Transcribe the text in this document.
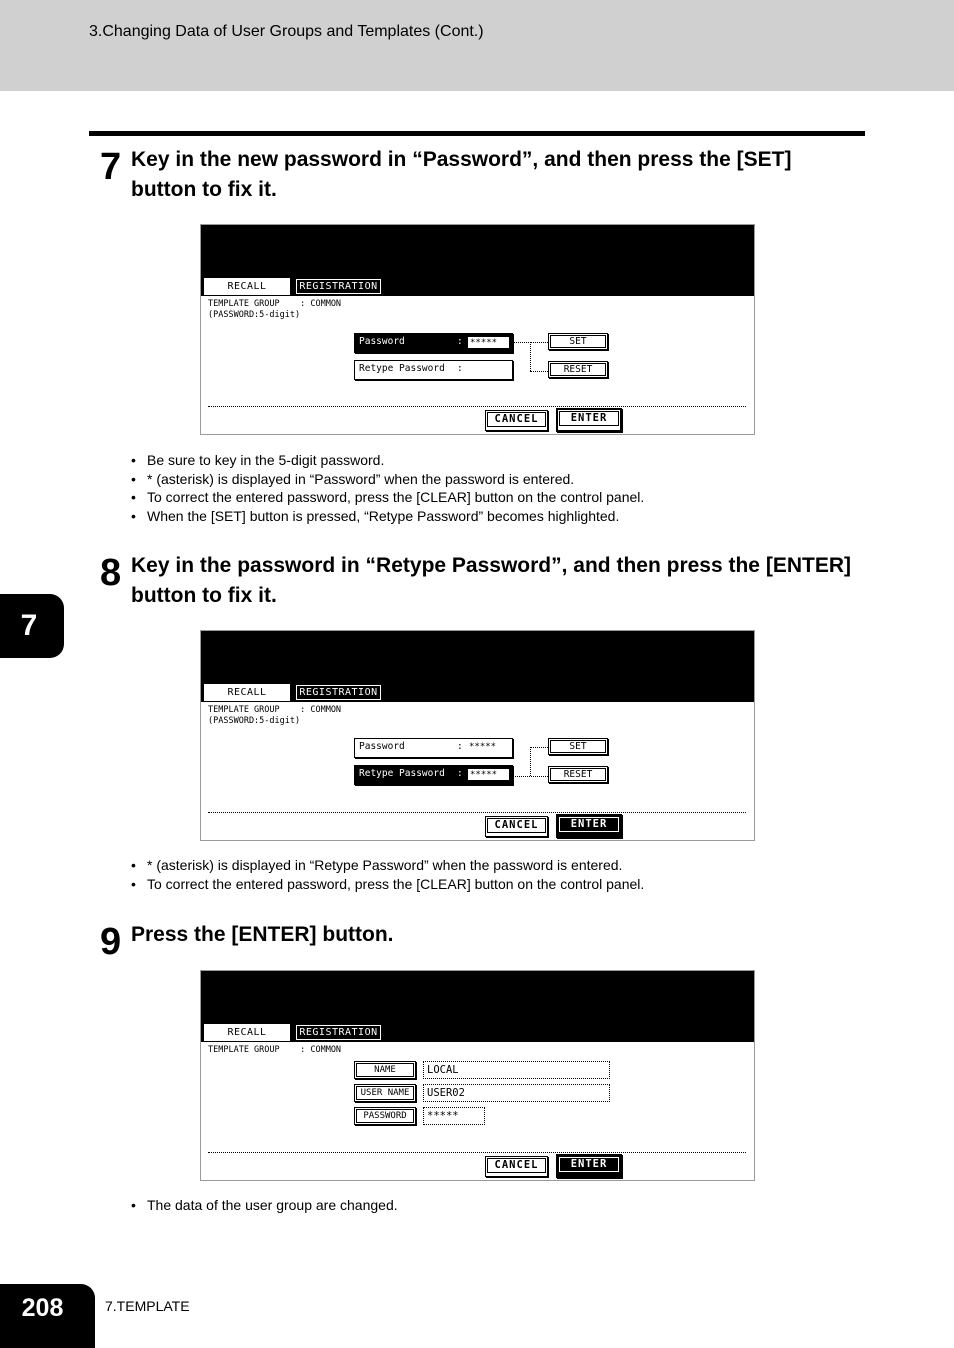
3.Changing Data of User Groups and Templates (Cont.)
7 Key in the new password in “Password”, and then press the [SET] button to fix it.
RECALL	REGISTRATION
TEMPLATE GROUP    : COMMON
(PASSWORD:5-digit)
Password	: *****
Retype Password :
SET
RESET
CANCEL	ENTER
• Be sure to key in the 5-digit password.
• * (asterisk) is displayed in “Password” when the password is entered.
• To correct the entered password, press the [CLEAR] button on the control panel.
• When the [SET] button is pressed, “Retype Password” becomes highlighted.
8 Key in the password in “Retype Password”, and then press the [ENTER] button to fix it.
RECALL	REGISTRATION
TEMPLATE GROUP    : COMMON
(PASSWORD:5-digit)
Password	: *****
Retype Password : *****
SET
RESET
CANCEL	ENTER
• * (asterisk) is displayed in “Retype Password” when the password is entered.
• To correct the entered password, press the [CLEAR] button on the control panel.
9 Press the [ENTER] button.
RECALL	REGISTRATION
TEMPLATE GROUP    : COMMON
NAME	LOCAL
USER NAME	USER02
PASSWORD	*****
CANCEL	ENTER
• The data of the user group are changed.
7
208	7.TEMPLATE
